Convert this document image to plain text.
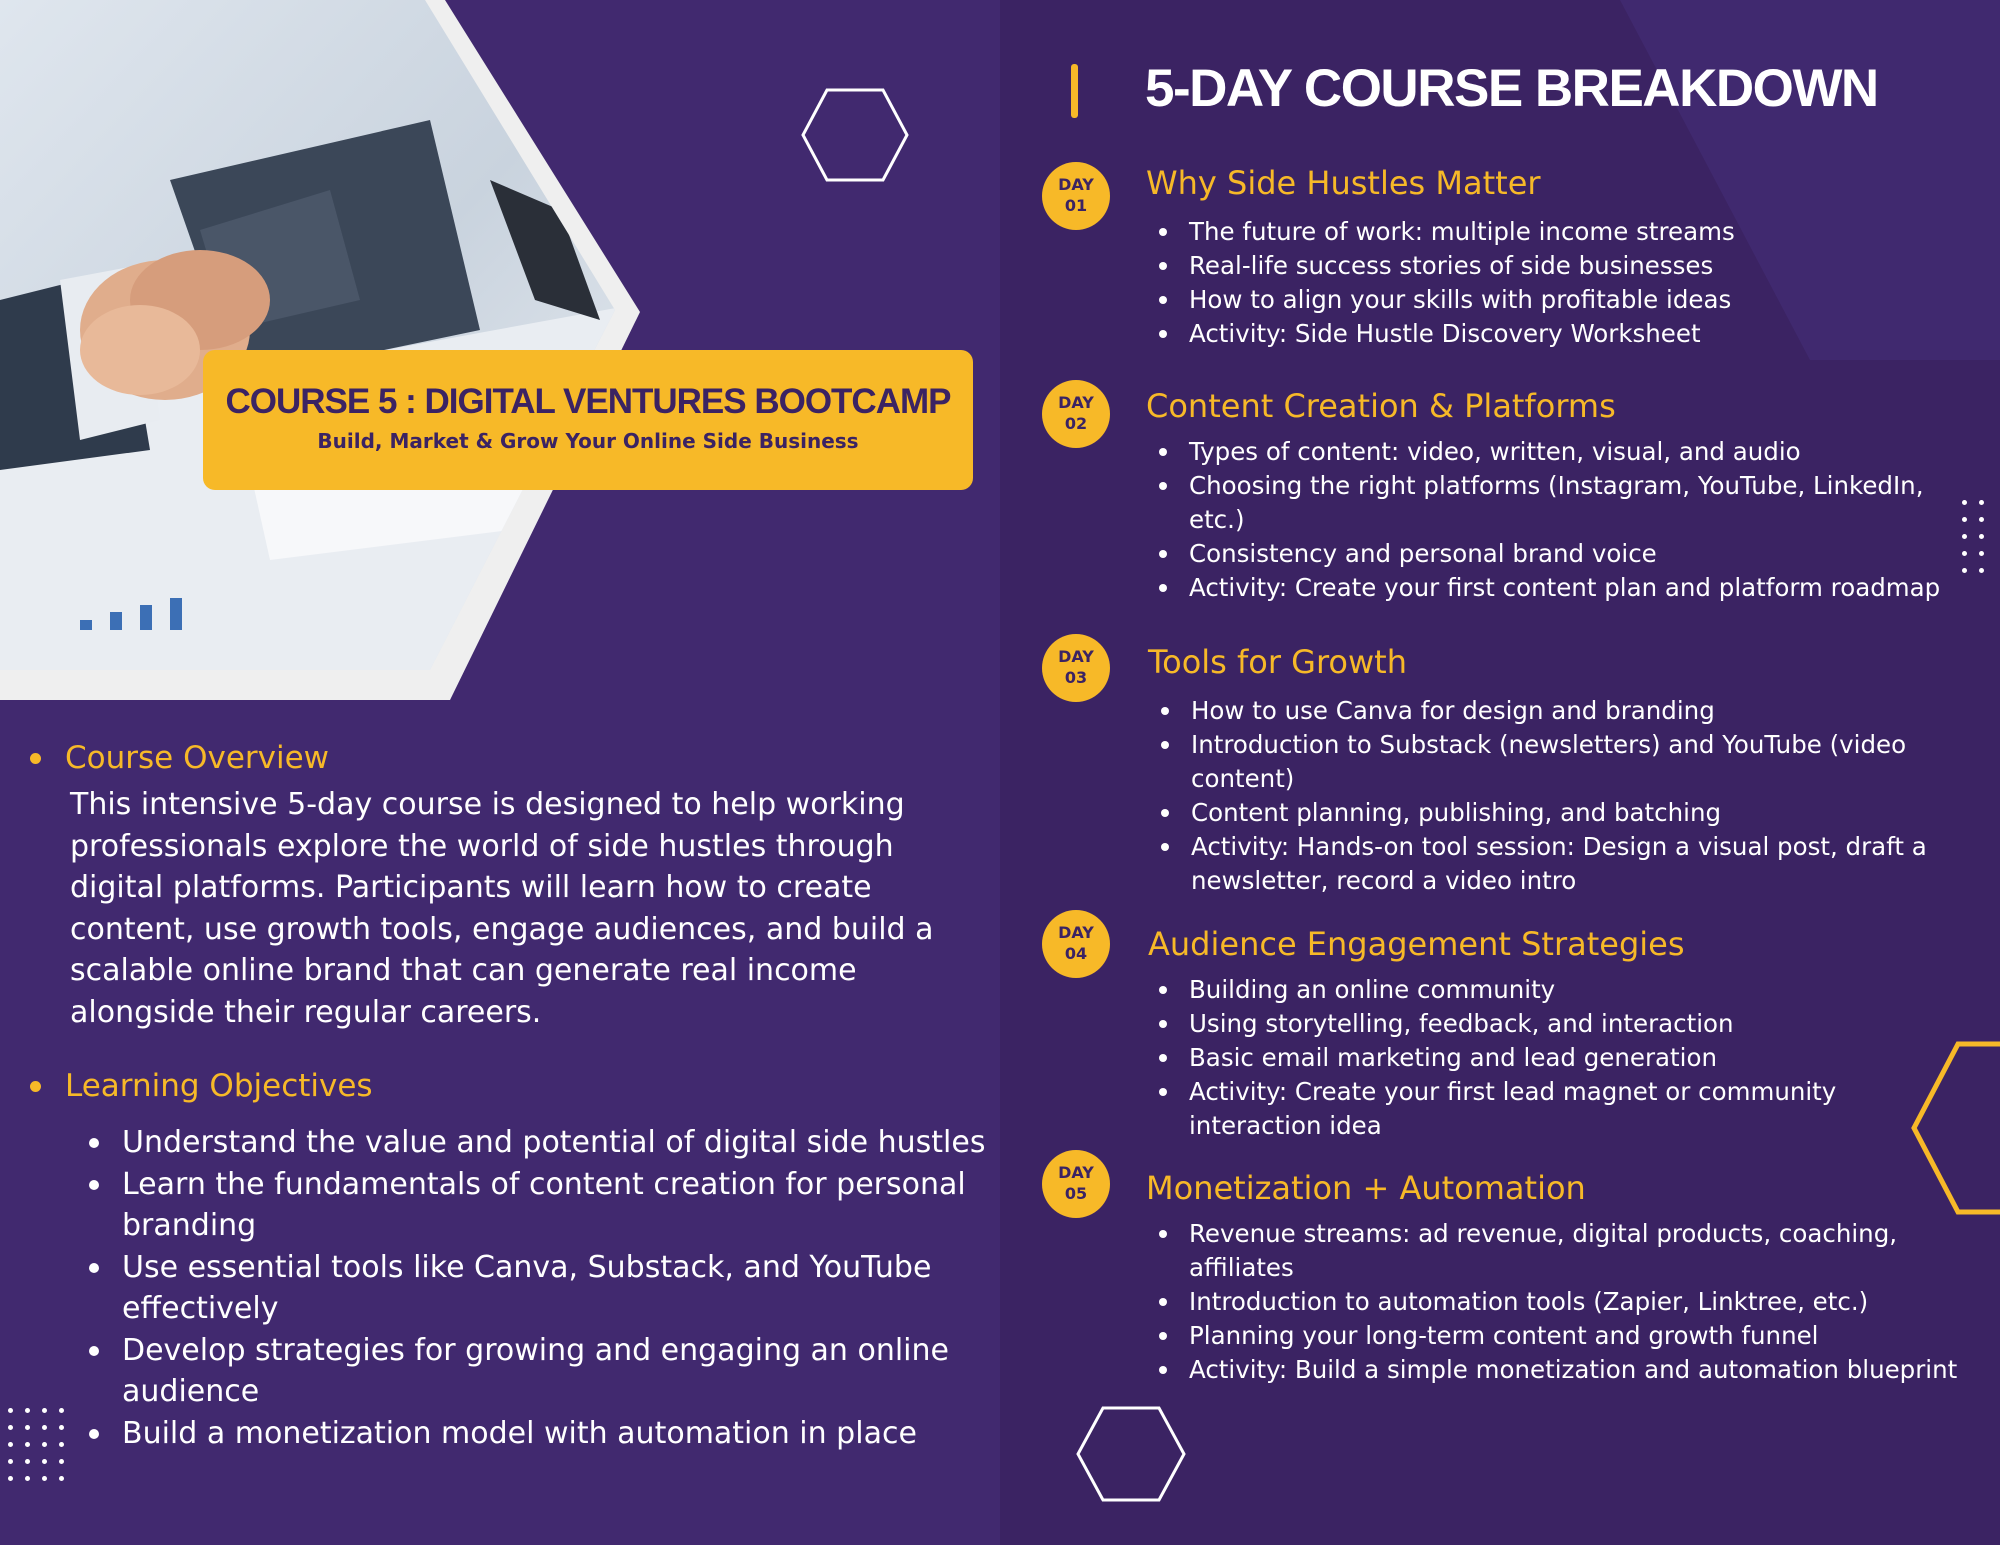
COURSE 5 : DIGITAL VENTURES BOOTCAMP
Build, Market & Grow Your Online Side Business
Course Overview
This intensive 5-day course is designed to help working professionals explore the world of side hustles through digital platforms. Participants will learn how to create content, use growth tools, engage audiences, and build a scalable online brand that can generate real income alongside their regular careers.
Learning Objectives
Understand the value and potential of digital side hustles
Learn the fundamentals of content creation for personal branding
Use essential tools like Canva, Substack, and YouTube effectively
Develop strategies for growing and engaging an online audience
Build a monetization model with automation in place
5-DAY COURSE BREAKDOWN
DAY
01
Why Side Hustles Matter
The future of work: multiple income streams
Real-life success stories of side businesses
How to align your skills with profitable ideas
Activity: Side Hustle Discovery Worksheet
DAY
02	Content Creation & Platforms
Types of content: video, written, visual, and audio
Choosing the right platforms (Instagram, YouTube, LinkedIn, etc.)
Consistency and personal brand voice
Activity: Create your first content plan and platform roadmap
DAY
03	Tools for Growth
How to use Canva for design and branding
Introduction to Substack (newsletters) and YouTube (video content)
Content planning, publishing, and batching
Activity: Hands-on tool session: Design a visual post, draft a newsletter, record a video intro
DAY
04	Audience Engagement Strategies
Building an online community
Using storytelling, feedback, and interaction
Basic email marketing and lead generation
Activity: Create your first lead magnet or community interaction idea
DAY
05	Monetization + Automation
Revenue streams: ad revenue, digital products, coaching, affiliates
Introduction to automation tools (Zapier, Linktree, etc.)
Planning your long-term content and growth funnel
Activity: Build a simple monetization and automation blueprint
